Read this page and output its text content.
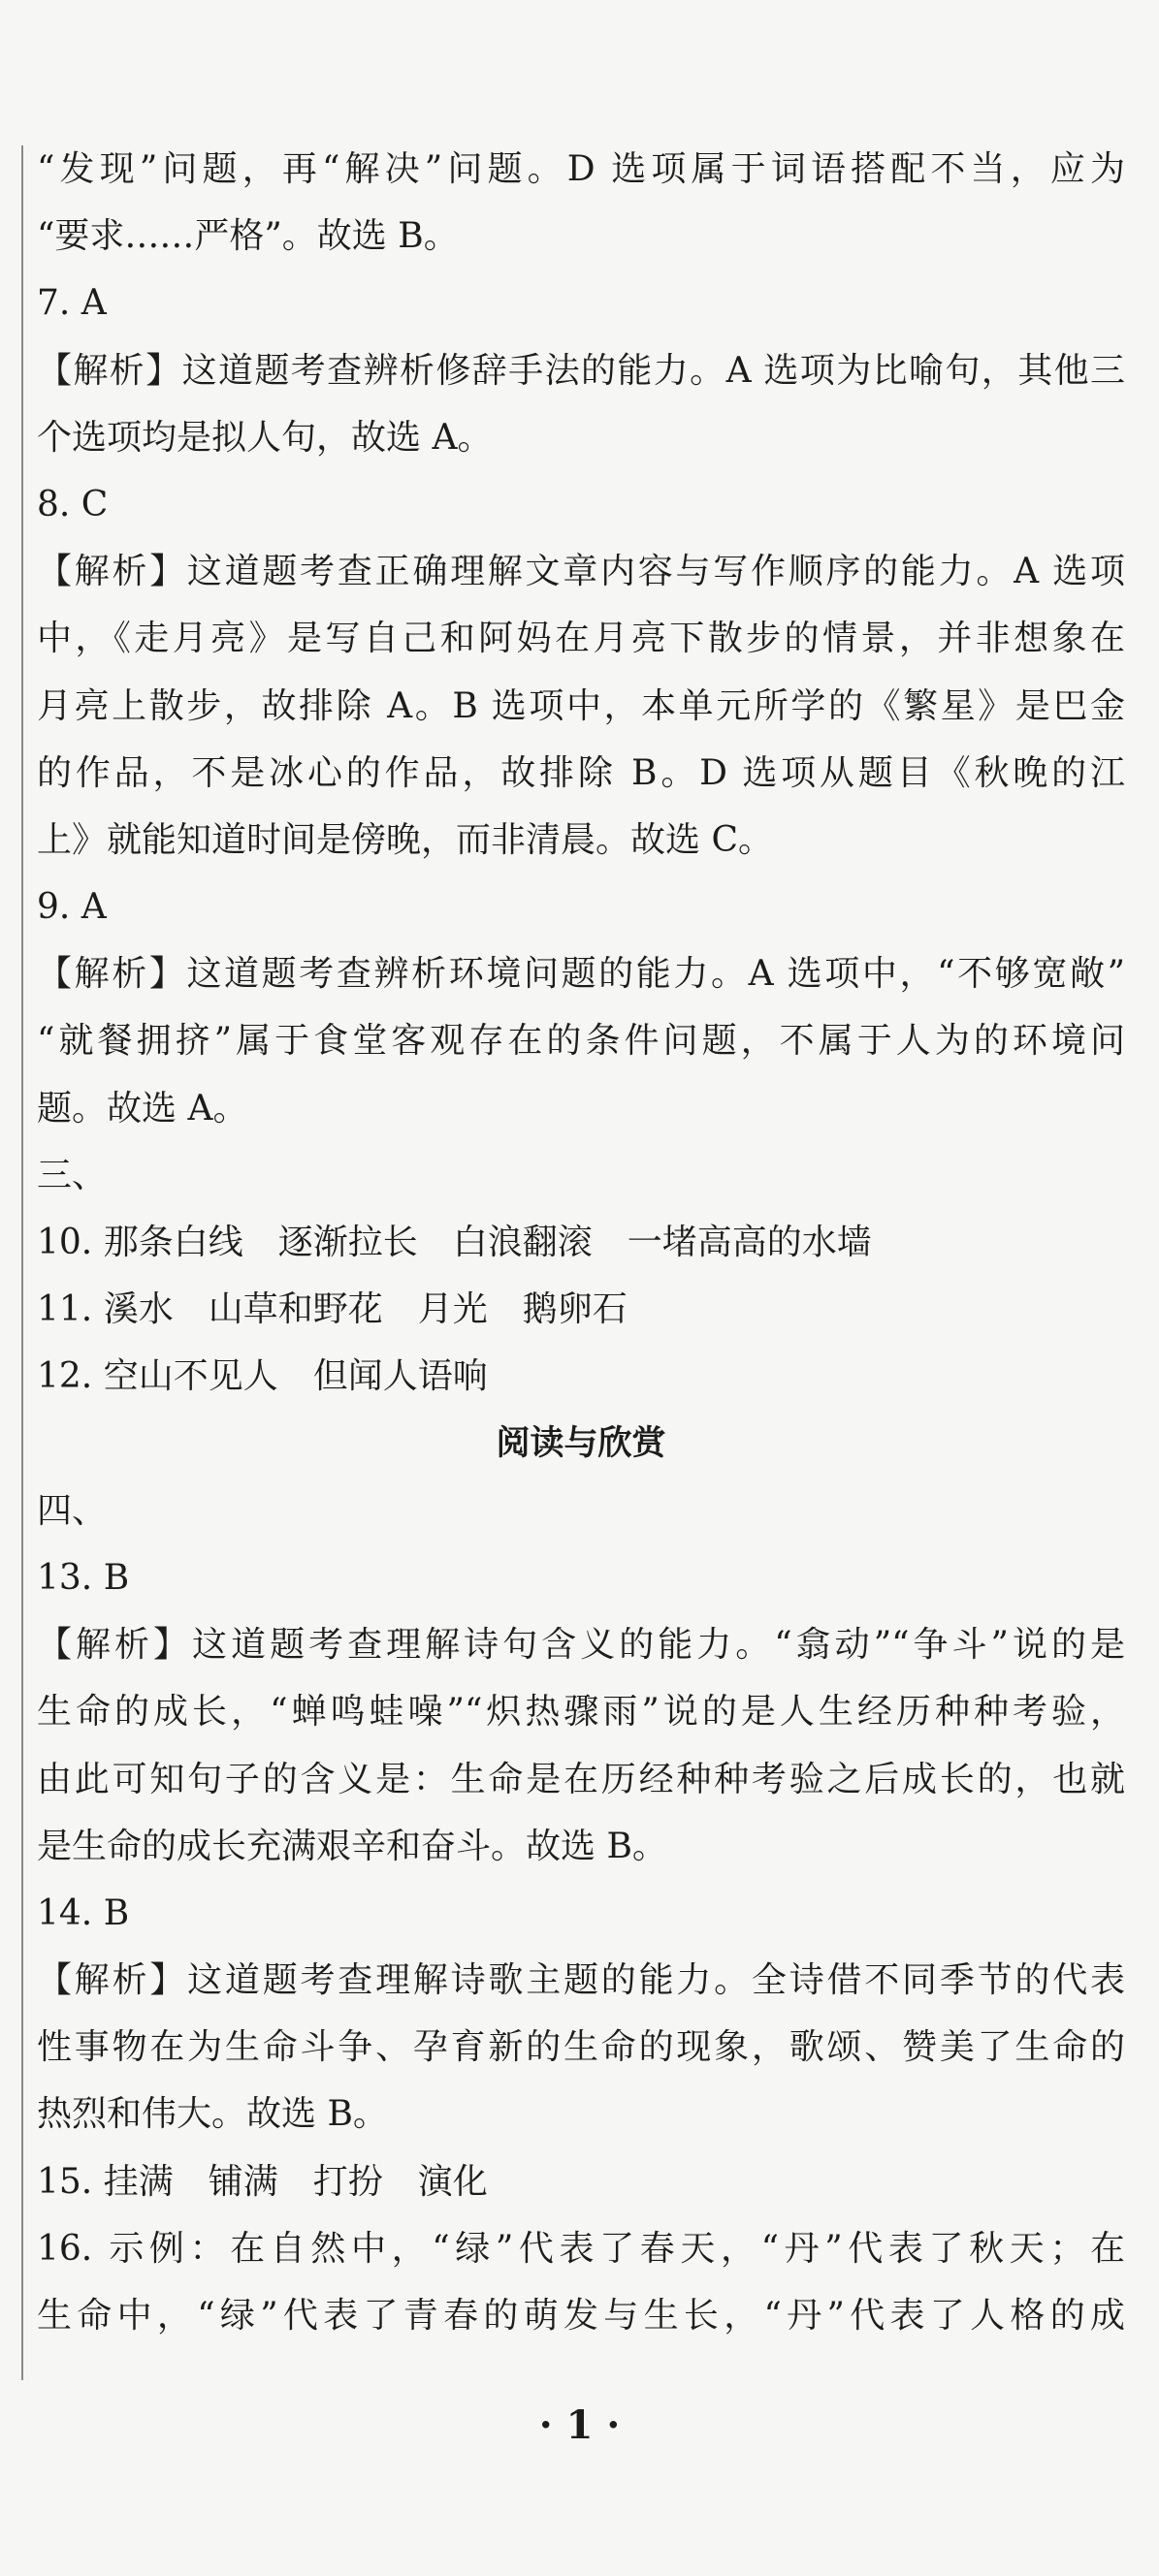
“发现”问题，再“解决”问题。D 选项属于词语搭配不当，应为
“要求……严格”。故选 B。
7. A
【解析】这道题考查辨析修辞手法的能力。A 选项为比喻句，其他三
个选项均是拟人句，故选 A。
8. C
【解析】这道题考查正确理解文章内容与写作顺序的能力。A 选项
中，《走月亮》是写自己和阿妈在月亮下散步的情景，并非想象在
月亮上散步，故排除 A。B 选项中，本单元所学的《繁星》是巴金
的作品，不是冰心的作品，故排除 B。D 选项从题目《秋晚的江
上》就能知道时间是傍晚，而非清晨。故选 C。
9. A
【解析】这道题考查辨析环境问题的能力。A 选项中，“不够宽敞”
“就餐拥挤”属于食堂客观存在的条件问题，不属于人为的环境问
题。故选 A。
三、
10. 那条白线　逐渐拉长　白浪翻滚　一堵高高的水墙
11. 溪水　山草和野花　月光　鹅卵石
12. 空山不见人　但闻人语响
阅读与欣赏
四、
13. B
【解析】这道题考查理解诗句含义的能力。“翕动”“争斗”说的是
生命的成长，“蝉鸣蛙噪”“炽热骤雨”说的是人生经历种种考验，
由此可知句子的含义是：生命是在历经种种考验之后成长的，也就
是生命的成长充满艰辛和奋斗。故选 B。
14. B
【解析】这道题考查理解诗歌主题的能力。全诗借不同季节的代表
性事物在为生命斗争、孕育新的生命的现象，歌颂、赞美了生命的
热烈和伟大。故选 B。
15. 挂满　铺满　打扮　演化
16. 示例：在自然中，“绿”代表了春天，“丹”代表了秋天；在
生命中，“绿”代表了青春的萌发与生长，“丹”代表了人格的成
· 1 ·
